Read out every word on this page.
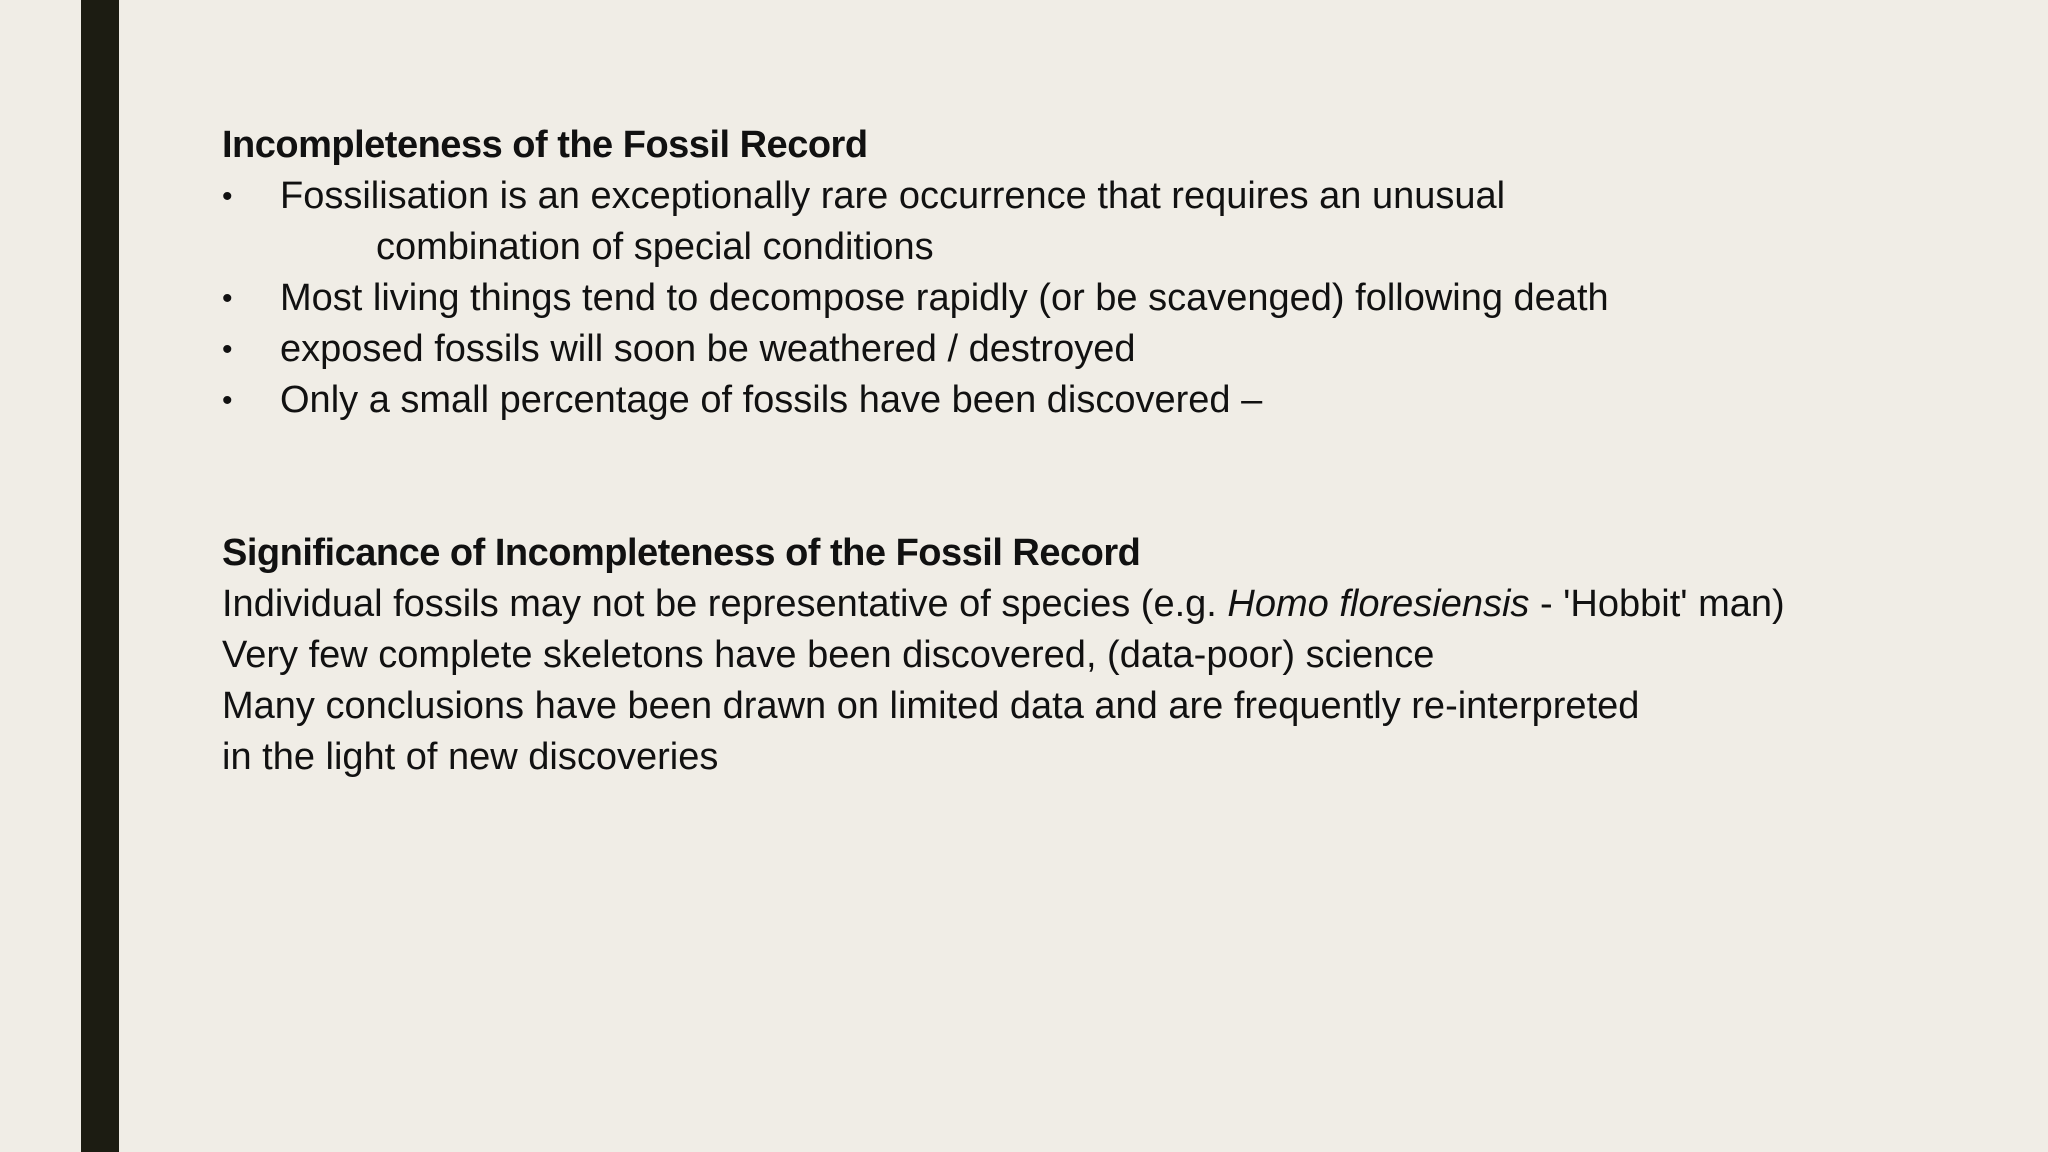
Incompleteness of the Fossil Record
• Fossilisation is an exceptionally rare occurrence that requires an unusual
combination of special conditions
• Most living things tend to decompose rapidly (or be scavenged) following death
• exposed fossils will soon be weathered / destroyed
• Only a small percentage of fossils have been discovered –
Significance of Incompleteness of the Fossil Record
Individual fossils may not be representative of species (e.g. Homo floresiensis - 'Hobbit' man)
Very few complete skeletons have been discovered, (data-poor) science
Many conclusions have been drawn on limited data and are frequently re-interpreted
in the light of new discoveries
